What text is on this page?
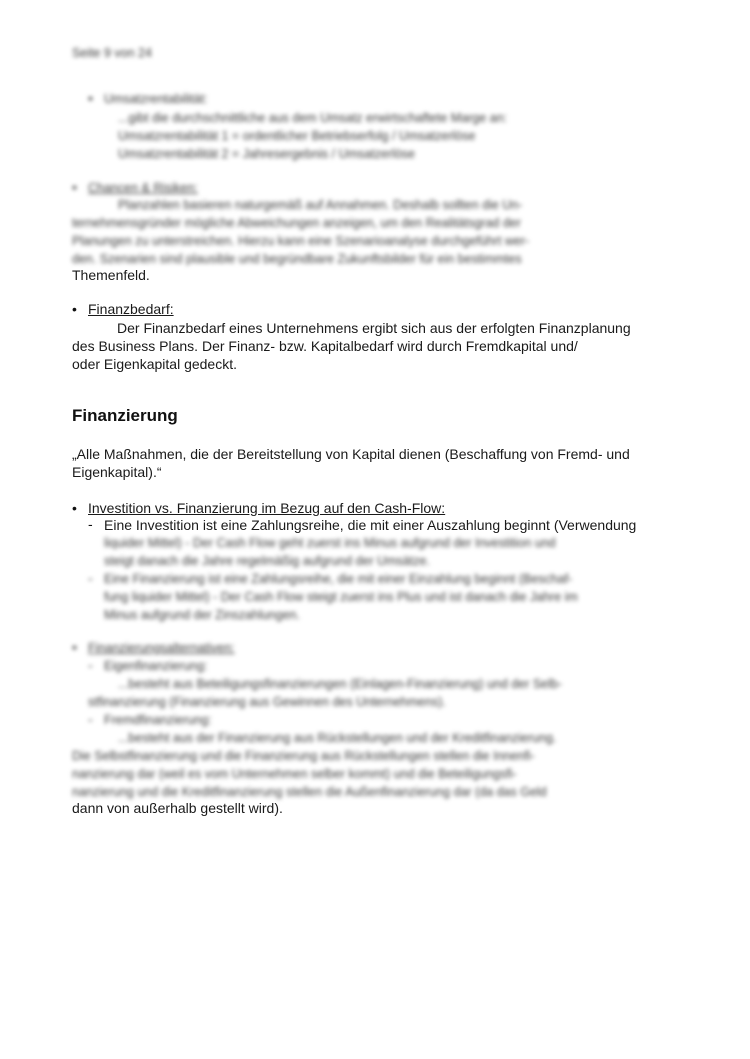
Seite 9 von 24
• Umsatzrentabilität:
...gibt die durchschnittliche aus dem Umsatz erwirtschaftete Marge an:
Umsatzrentabilität 1 = ordentlicher Betriebserfolg / Umsatzerlöse
Umsatzrentabilität 2 = Jahresergebnis / Umsatzerlöse
• Chancen & Risiken:
Planzahlen basieren naturgemäß auf Annahmen. Deshalb sollten die Un-
ternehmensgründer mögliche Abweichungen anzeigen, um den Realitätsgrad der
Planungen zu unterstreichen. Hierzu kann eine Szenarioanalyse durchgeführt wer-
den. Szenarien sind plausible und begründbare Zukunftsbilder für ein bestimmtes
Themenfeld.
• Finanzbedarf:
Der Finanzbedarf eines Unternehmens ergibt sich aus der erfolgten Finanzplanung
des Business Plans. Der Finanz- bzw. Kapitalbedarf wird durch Fremdkapital und/
oder Eigenkapital gedeckt.
Finanzierung
„Alle Maßnahmen, die der Bereitstellung von Kapital dienen (Beschaffung von Fremd- und
Eigenkapital).“
• Investition vs. Finanzierung im Bezug auf den Cash-Flow:
- Eine Investition ist eine Zahlungsreihe, die mit einer Auszahlung beginnt (Verwendung
liquider Mittel) - Der Cash Flow geht zuerst ins Minus aufgrund der Investition und
steigt danach die Jahre regelmäßig aufgrund der Umsätze.
- Eine Finanzierung ist eine Zahlungsreihe, die mit einer Einzahlung beginnt (Beschaf-
fung liquider Mittel) - Der Cash Flow steigt zuerst ins Plus und ist danach die Jahre im
Minus aufgrund der Zinszahlungen.
• Finanzierungsalternativen:
- Eigenfinanzierung:
...besteht aus Beteiligungsfinanzierungen (Einlagen-Finanzierung) und der Selb-
stfinanzierung (Finanzierung aus Gewinnen des Unternehmens).
- Fremdfinanzierung:
...besteht aus der Finanzierung aus Rückstellungen und der Kreditfinanzierung.
Die Selbstfinanzierung und die Finanzierung aus Rückstellungen stellen die Innenfi-
nanzierung dar (weil es vom Unternehmen selber kommt) und die Beteiligungsfi-
nanzierung und die Kreditfinanzierung stellen die Außenfinanzierung dar (da das Geld
dann von außerhalb gestellt wird).
